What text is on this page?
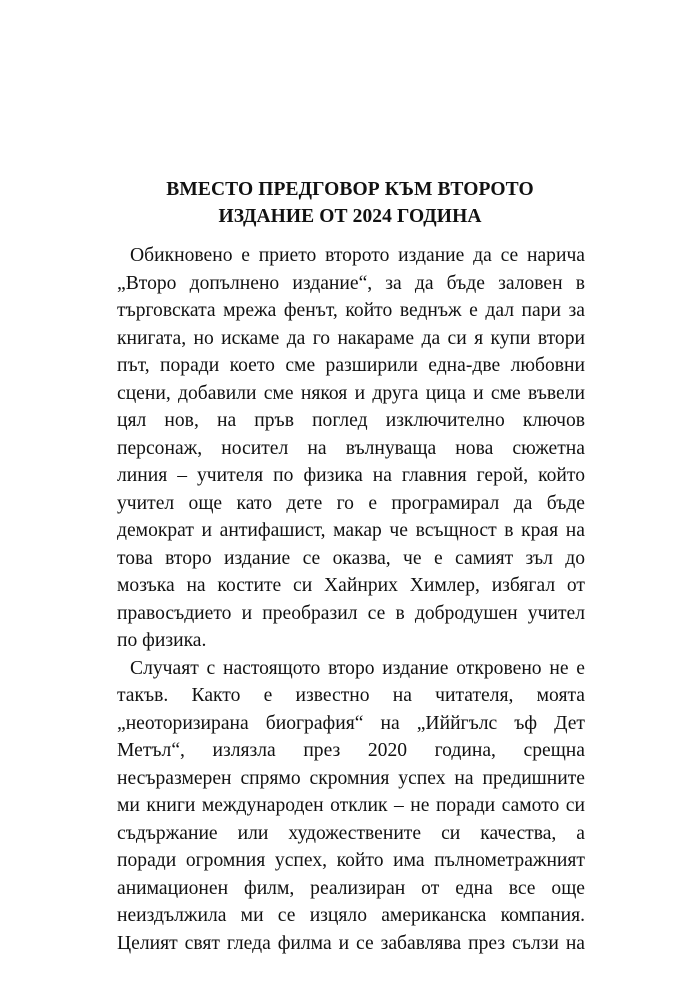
ВМЕСТО ПРЕДГОВОР КЪМ ВТОРОТО
ИЗДАНИЕ ОТ 2024 ГОДИНА
Обикновено е прието второто издание да се нарича
„Второ допълнено издание“, за да бъде заловен в
търговската мрежа фенът, който веднъж е дал пари за
книгата, но искаме да го накараме да си я купи втори
път, поради което сме разширили една-две любовни
сцени, добавили сме някоя и друга цица и сме въвели
цял нов, на пръв поглед изключително ключов
персонаж, носител на вълнуваща нова сюжетна
линия – учителя по физика на главния герой, който
учител още като дете го е програмирал да бъде
демократ и антифашист, макар че всъщност в края на
това второ издание се оказва, че е самият зъл до
мозъка на костите си Хайнрих Химлер, избягал от
правосъдието и преобразил се в добродушен учител
по физика.
Случаят с настоящото второ издание откровено не е
такъв. Както е известно на читателя, моята
„неоторизирана биография“ на „Иййгълс ъф Дет
Метъл“, излязла през 2020 година, срещна
несъразмерен спрямо скромния успех на предишните
ми книги международен отклик – не поради самото си
съдържание или художествените си качества, а
поради огромния успех, който има пълнометражният
анимационен филм, реализиран от една все още
неиздължила ми се изцяло американска компания.
Целият свят гледа филма и се забавлява през сълзи на
